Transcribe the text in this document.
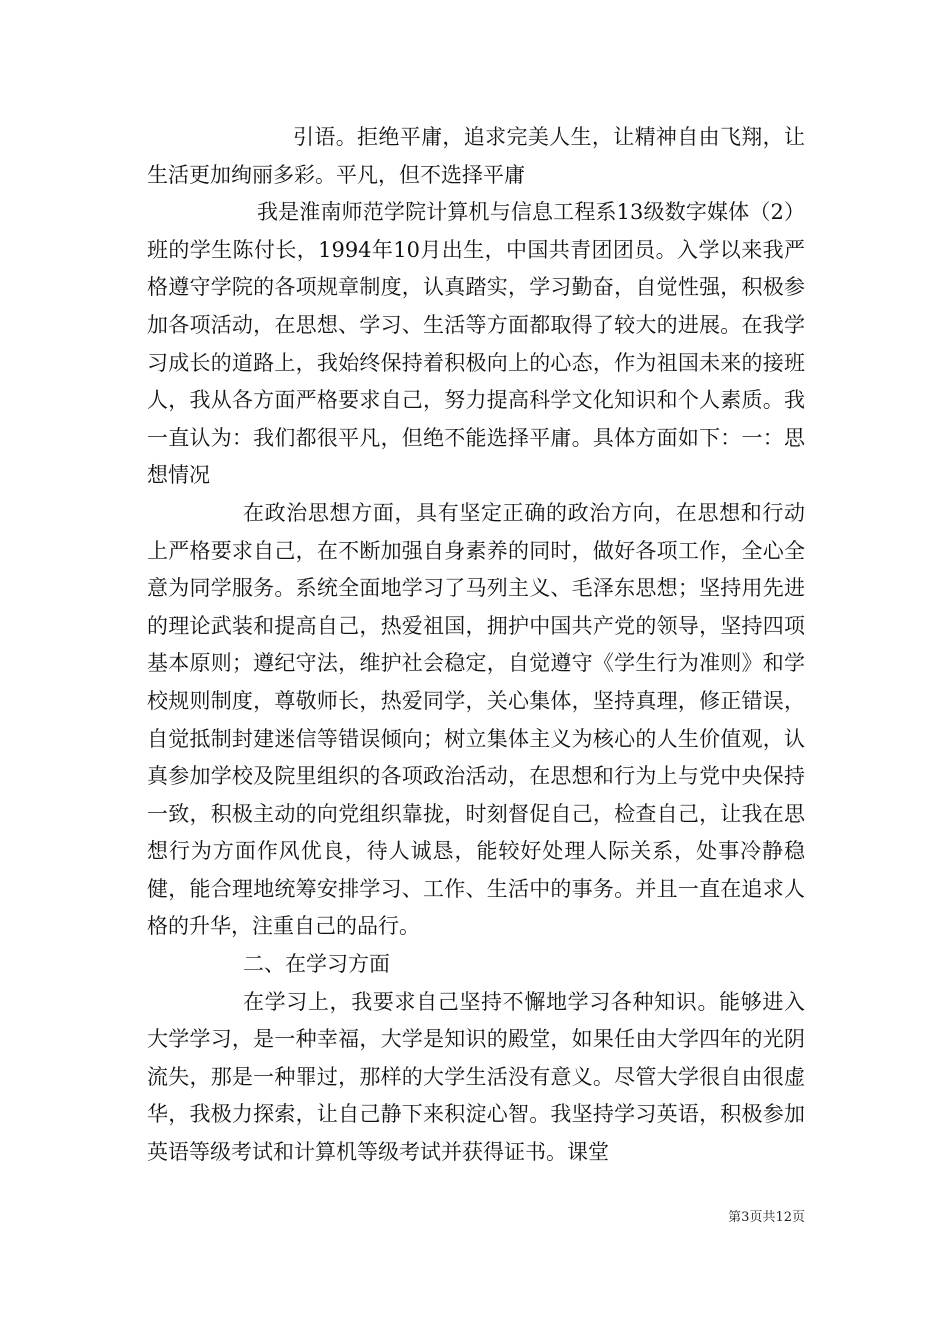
引语。拒绝平庸，追求完美人生，让精神自由飞翔，让生活更加绚丽多彩。平凡，但不选择平庸

我是淮南师范学院计算机与信息工程系13级数字媒体（2）班的学生陈付长，1994年10月出生，中国共青团团员。入学以来我严格遵守学院的各项规章制度，认真踏实，学习勤奋，自觉性强，积极参加各项活动，在思想、学习、生活等方面都取得了较大的进展。在我学习成长的道路上，我始终保持着积极向上的心态，作为祖国未来的接班人，我从各方面严格要求自己，努力提高科学文化知识和个人素质。我一直认为：我们都很平凡，但绝不能选择平庸。具体方面如下：一：思想情况

在政治思想方面，具有坚定正确的政治方向，在思想和行动上严格要求自己，在不断加强自身素养的同时，做好各项工作，全心全意为同学服务。系统全面地学习了马列主义、毛泽东思想；坚持用先进的理论武装和提高自己，热爱祖国，拥护中国共产党的领导，坚持四项基本原则；遵纪守法，维护社会稳定，自觉遵守《学生行为准则》和学校规则制度，尊敬师长，热爱同学，关心集体，坚持真理，修正错误，自觉抵制封建迷信等错误倾向；树立集体主义为核心的人生价值观，认真参加学校及院里组织的各项政治活动，在思想和行为上与党中央保持一致，积极主动的向党组织靠拢，时刻督促自己，检查自己，让我在思想行为方面作风优良，待人诚恳，能较好处理人际关系，处事冷静稳健，能合理地统筹安排学习、工作、生活中的事务。并且一直在追求人格的升华，注重自己的品行。

二、在学习方面

在学习上，我要求自己坚持不懈地学习各种知识。能够进入大学学习，是一种幸福，大学是知识的殿堂，如果任由大学四年的光阴流失，那是一种罪过，那样的大学生活没有意义。尽管大学很自由很虚华，我极力探索，让自己静下来积淀心智。我坚持学习英语，积极参加英语等级考试和计算机等级考试并获得证书。课堂

第3页共12页
